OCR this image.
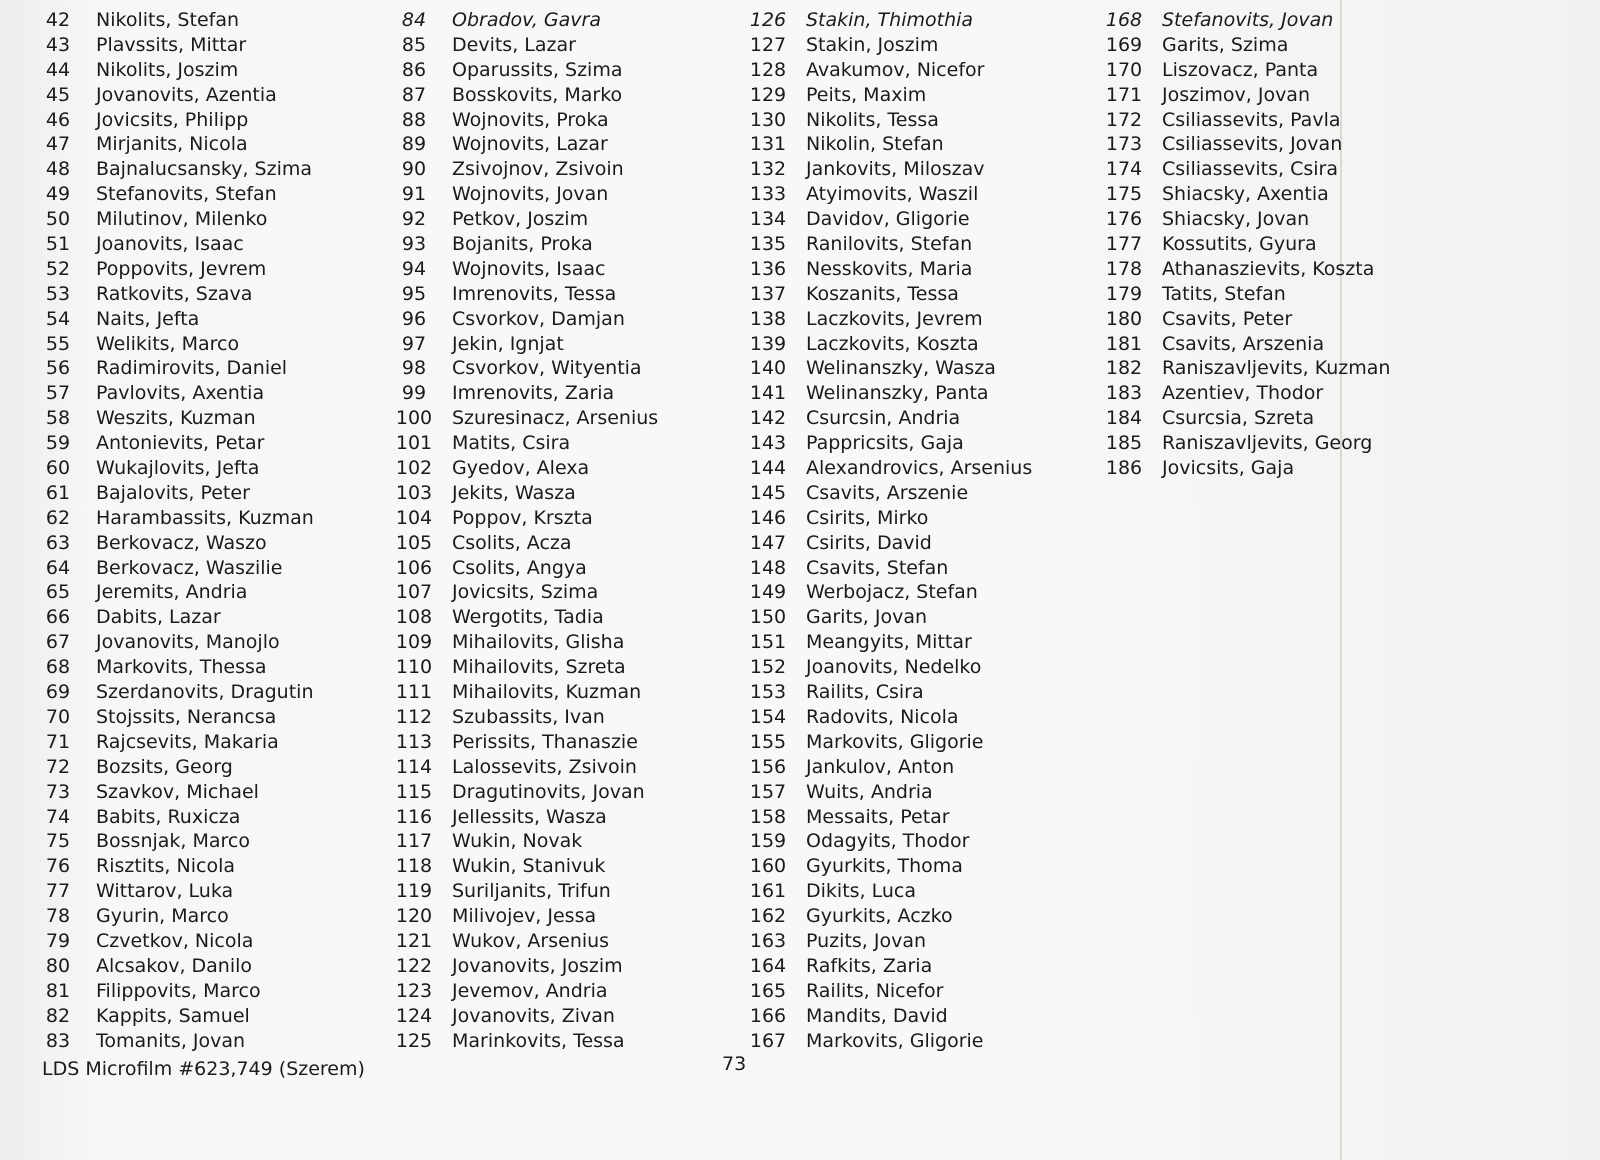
42	Nikolits, Stefan
43	Plavssits, Mittar
44	Nikolits, Joszim
45	Jovanovits, Azentia
46	Jovicsits, Philipp
47	Mirjanits, Nicola
48	Bajnalucsansky, Szima
49	Stefanovits, Stefan
50	Milutinov, Milenko
51	Joanovits, Isaac
52	Poppovits, Jevrem
53	Ratkovits, Szava
54	Naits, Jefta
55	Welikits, Marco
56	Radimirovits, Daniel
57	Pavlovits, Axentia
58	Weszits, Kuzman
59	Antonievits, Petar
60	Wukajlovits, Jefta
61	Bajalovits, Peter
62	Harambassits, Kuzman
63	Berkovacz, Waszo
64	Berkovacz, Waszilie
65	Jeremits, Andria
66	Dabits, Lazar
67	Jovanovits, Manojlo
68	Markovits, Thessa
69	Szerdanovits, Dragutin
70	Stojssits, Nerancsa
71	Rajcsevits, Makaria
72	Bozsits, Georg
73	Szavkov, Michael
74	Babits, Ruxicza
75	Bossnjak, Marco
76	Risztits, Nicola
77	Wittarov, Luka
78	Gyurin, Marco
79	Czvetkov, Nicola
80	Alcsakov, Danilo
81	Filippovits, Marco
82	Kappits, Samuel
83	Tomanits, Jovan
84	Obradov, Gavra
85	Devits, Lazar
86	Oparussits, Szima
87	Bosskovits, Marko
88	Wojnovits, Proka
89	Wojnovits, Lazar
90	Zsivojnov, Zsivoin
91	Wojnovits, Jovan
92	Petkov, Joszim
93	Bojanits, Proka
94	Wojnovits, Isaac
95	Imrenovits, Tessa
96	Csvorkov, Damjan
97	Jekin, Ignjat
98	Csvorkov, Wityentia
99	Imrenovits, Zaria
100	Szuresinacz, Arsenius
101	Matits, Csira
102	Gyedov, Alexa
103	Jekits, Wasza
104	Poppov, Krszta
105	Csolits, Acza
106	Csolits, Angya
107	Jovicsits, Szima
108	Wergotits, Tadia
109	Mihailovits, Glisha
110	Mihailovits, Szreta
111	Mihailovits, Kuzman
112	Szubassits, Ivan
113	Perissits, Thanaszie
114	Lalossevits, Zsivoin
115	Dragutinovits, Jovan
116	Jellessits, Wasza
117	Wukin, Novak
118	Wukin, Stanivuk
119	Suriljanits, Trifun
120	Milivojev, Jessa
121	Wukov, Arsenius
122	Jovanovits, Joszim
123	Jevemov, Andria
124	Jovanovits, Zivan
125	Marinkovits, Tessa
126	Stakin, Thimothia
127	Stakin, Joszim
128	Avakumov, Nicefor
129	Peits, Maxim
130	Nikolits, Tessa
131	Nikolin, Stefan
132	Jankovits, Miloszav
133	Atyimovits, Waszil
134	Davidov, Gligorie
135	Ranilovits, Stefan
136	Nesskovits, Maria
137	Koszanits, Tessa
138	Laczkovits, Jevrem
139	Laczkovits, Koszta
140	Welinanszky, Wasza
141	Welinanszky, Panta
142	Csurcsin, Andria
143	Pappricsits, Gaja
144	Alexandrovics, Arsenius
145	Csavits, Arszenie
146	Csirits, Mirko
147	Csirits, David
148	Csavits, Stefan
149	Werbojacz, Stefan
150	Garits, Jovan
151	Meangyits, Mittar
152	Joanovits, Nedelko
153	Railits, Csira
154	Radovits, Nicola
155	Markovits, Gligorie
156	Jankulov, Anton
157	Wuits, Andria
158	Messaits, Petar
159	Odagyits, Thodor
160	Gyurkits, Thoma
161	Dikits, Luca
162	Gyurkits, Aczko
163	Puzits, Jovan
164	Rafkits, Zaria
165	Railits, Nicefor
166	Mandits, David
167	Markovits, Gligorie
168	Stefanovits, Jovan
169	Garits, Szima
170	Liszovacz, Panta
171	Joszimov, Jovan
172	Csiliassevits, Pavla
173	Csiliassevits, Jovan
174	Csiliassevits, Csira
175	Shiacsky, Axentia
176	Shiacsky, Jovan
177	Kossutits, Gyura
178	Athanaszievits, Koszta
179	Tatits, Stefan
180	Csavits, Peter
181	Csavits, Arszenia
182	Raniszavljevits, Kuzman
183	Azentiev, Thodor
184	Csurcsia, Szreta
185	Raniszavljevits, Georg
186	Jovicsits, Gaja
LDS Microfilm #623,749 (Szerem)	73
